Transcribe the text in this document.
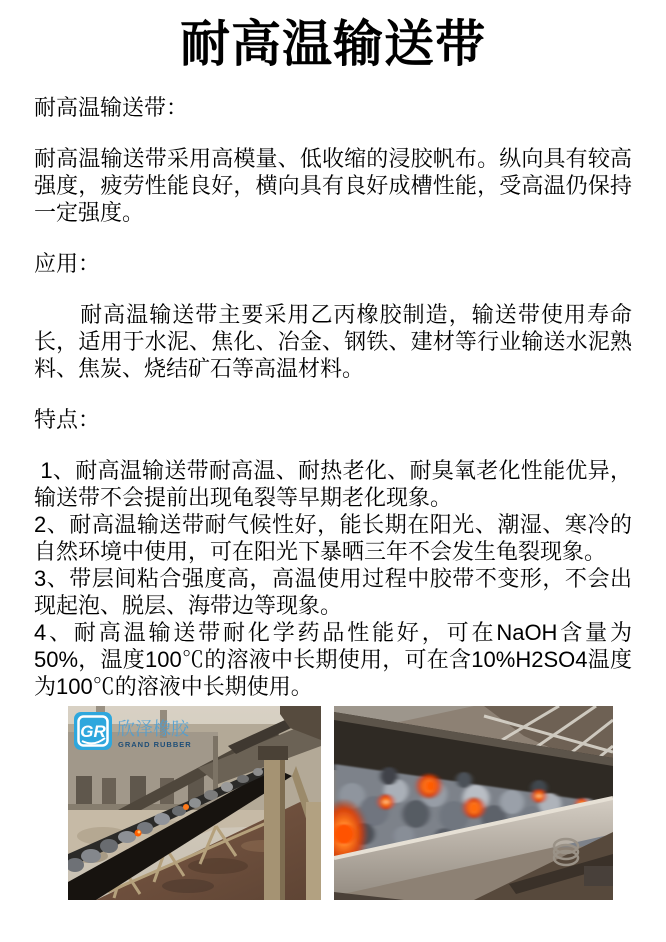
耐高温输送带

耐高温输送带：

耐高温输送带采用高模量、低收缩的浸胶帆布。纵向具有较高强度，疲劳性能良好，横向具有良好成槽性能，受高温仍保持一定强度。

应用：

　　耐高温输送带主要采用乙丙橡胶制造，输送带使用寿命长，适用于水泥、焦化、冶金、钢铁、建材等行业输送水泥熟料、焦炭、烧结矿石等高温材料。

特点：

1、耐高温输送带耐高温、耐热老化、耐臭氧老化性能优异，输送带不会提前出现龟裂等早期老化现象。

2、耐高温输送带耐气候性好，能长期在阳光、潮湿、寒冷的自然环境中使用，可在阳光下暴晒三年不会发生龟裂现象。

3、带层间粘合强度高，高温使用过程中胶带不变形，不会出现起泡、脱层、海带边等现象。

4、耐高温输送带耐化学药品性能好，可在NaOH含量为50%，温度100℃的溶液中长期使用，可在含10%H2SO4温度为100℃的溶液中长期使用。

GR 欣泽橡胶
GRAND RUBBER
